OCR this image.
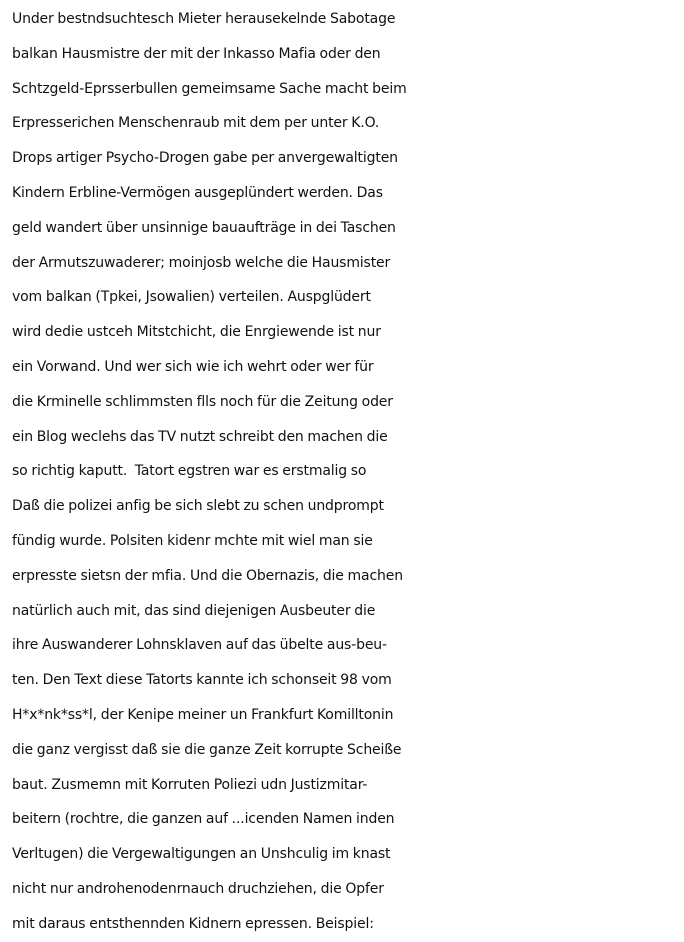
Under bestndsuchtesch Mieter herausekelnde Sabotage
balkan Hausmistre der mit der Inkasso Mafia oder den
Schtzgeld-Eprsserbullen gemeimsame Sache macht beim
Erpresserichen Menschenraub mit dem per unter K.O.
Drops artiger Psycho-Drogen gabe per anvergewaltigten
Kindern Erbline-Vermögen ausgeplündert werden. Das
geld wandert über unsinnige bauaufträge in dei Taschen
der Armutszuwaderer; moinjosb welche die Hausmister
vom balkan (Tpkei, Jsowalien) verteilen. Auspglüdert
wird dedie ustceh Mitstchicht, die Enrgiewende ist nur
ein Vorwand. Und wer sich wie ich wehrt oder wer für
die Krminelle schlimmsten flls noch für die Zeitung oder
ein Blog weclehs das TV nutzt schreibt den machen die
so richtig kaputt.  Tatort egstren war es erstmalig so
Daß die polizei anfig be sich slebt zu schen undprompt
fündig wurde. Polsiten kidenr mchte mit wiel man sie
erpresste sietsn der mfia. Und die Obernazis, die machen
natürlich auch mit, das sind diejenigen Ausbeuter die
ihre Auswanderer Lohnsklaven auf das übelte aus-beu-
ten. Den Text diese Tatorts kannte ich schonseit 98 vom
H*x*nk*ss*l, der Kenipe meiner un Frankfurt Komilltonin
die ganz vergisst daß sie die ganze Zeit korrupte Scheiße
baut. Zusmemn mit Korruten Poliezi udn Justizmitar-
beitern (rochtre, die ganzen auf ...icenden Namen inden
Verltugen) die Vergewaltigungen an Unshculig im knast
nicht nur androhenodenrnauch druchziehen, die Opfer
mit daraus entsthennden Kidnern epressen. Beispiel:
